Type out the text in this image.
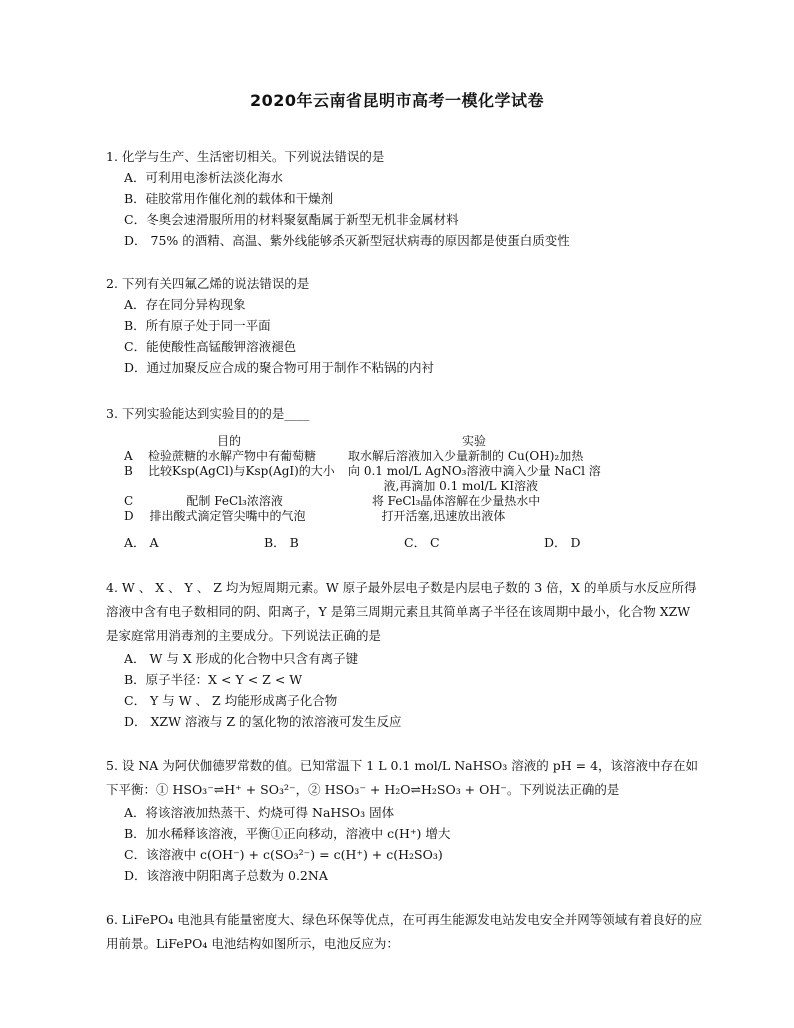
2020年云南省昆明市高考一模化学试卷

1. 化学与生产、生活密切相关。下列说法错误的是

A．可利用电渗析法淡化海水
B．硅胶常用作催化剂的载体和干燥剂
C．冬奥会速滑服所用的材料聚氨酯属于新型无机非金属材料
D． 75% 的酒精、高温、紫外线能够杀灭新型冠状病毒的原因都是使蛋白质变性

2. 下列有关四氟乙烯的说法错误的是

A．存在同分异构现象
B．所有原子处于同一平面
C．能使酸性高锰酸钾溶液褪色
D．通过加聚反应合成的聚合物可用于制作不粘锅的内衬

3. 下列实验能达到实验目的的是____

目的	实验
A	检验蔗糖的水解产物中有葡萄糖	取水解后溶液加入少量新制的 Cu(OH)₂加热
B	比较Ksp(AgCl)与Ksp(AgI)的大小	向 0.1 mol/L AgNO₃溶液中滴入少量 NaCl 溶
液,再滴加 0.1 mol/L KI溶液
C	配制 FeCl₃浓溶液	将 FeCl₃晶体溶解在少量热水中
D	排出酸式滴定管尖嘴中的气泡	打开活塞,迅速放出液体
A． A	B． B	C． C	D． D

4. W 、 X 、 Y 、 Z 均为短周期元素。W 原子最外层电子数是内层电子数的 3 倍，X 的单质与水反应所得溶液中含有电子数相同的阴、阳离子，Y 是第三周期元素且其简单离子半径在该周期中最小，化合物 XZW 是家庭常用消毒剂的主要成分。下列说法正确的是

A． W 与 X 形成的化合物中只含有离子键
B．原子半径：X < Y < Z < W
C． Y 与 W 、 Z 均能形成离子化合物
D． XZW 溶液与 Z 的氢化物的浓溶液可发生反应

5. 设 NA 为阿伏伽德罗常数的值。已知常温下 1 L 0.1 mol/L NaHSO₃ 溶液的 pH = 4，该溶液中存在如下平衡：① HSO₃⁻⇌H⁺ + SO₃²⁻，② HSO₃⁻ + H₂O⇌H₂SO₃ + OH⁻。下列说法正确的是

A．将该溶液加热蒸干、灼烧可得 NaHSO₃ 固体
B．加水稀释该溶液，平衡①正向移动，溶液中 c(H⁺) 增大
C．该溶液中 c(OH⁻) + c(SO₃²⁻) = c(H⁺) + c(H₂SO₃)
D．该溶液中阴阳离子总数为 0.2NA

6. LiFePO₄ 电池具有能量密度大、绿色环保等优点，在可再生能源发电站发电安全并网等领域有着良好的应用前景。LiFePO₄ 电池结构如图所示，电池反应为：
